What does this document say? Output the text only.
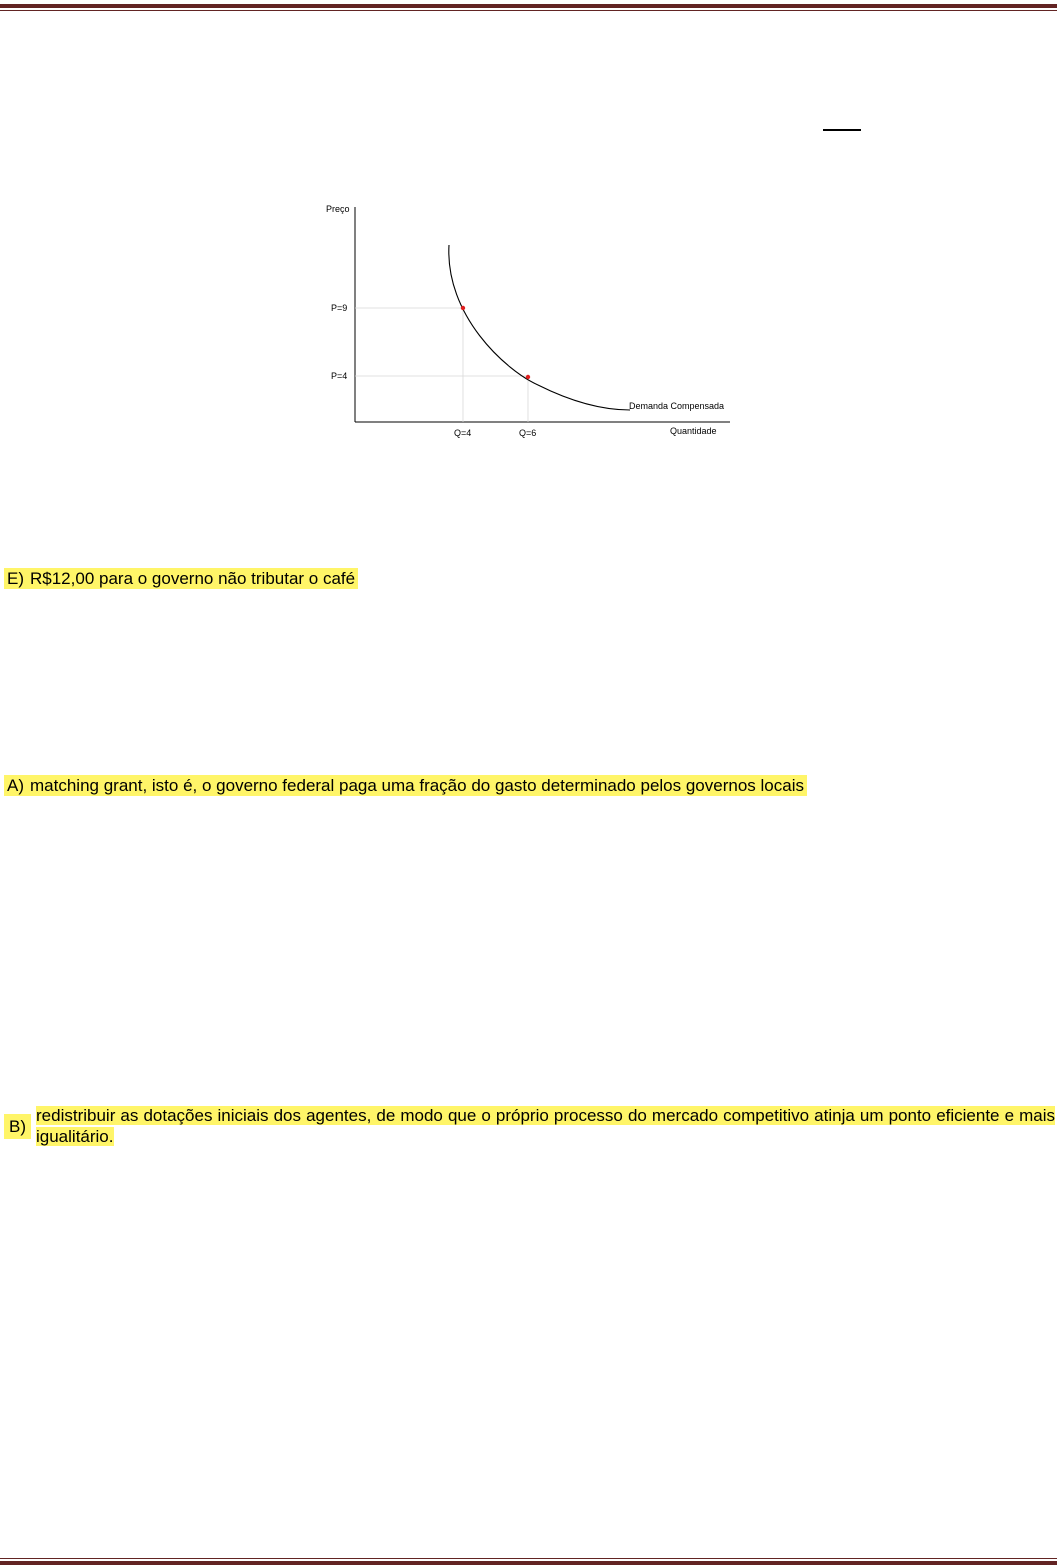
Preço
Quantidade
P=9
P=4
Q=4	Q=6
Demanda Compensada
E) R$12,00 para o governo não tributar o café
A) matching grant, isto é, o governo federal paga uma fração do gasto determinado pelos governos locais
B)
redistribuir as dotações iniciais dos agentes, de modo que o próprio processo do mercado competitivo atinja um ponto eficiente e mais igualitário.
